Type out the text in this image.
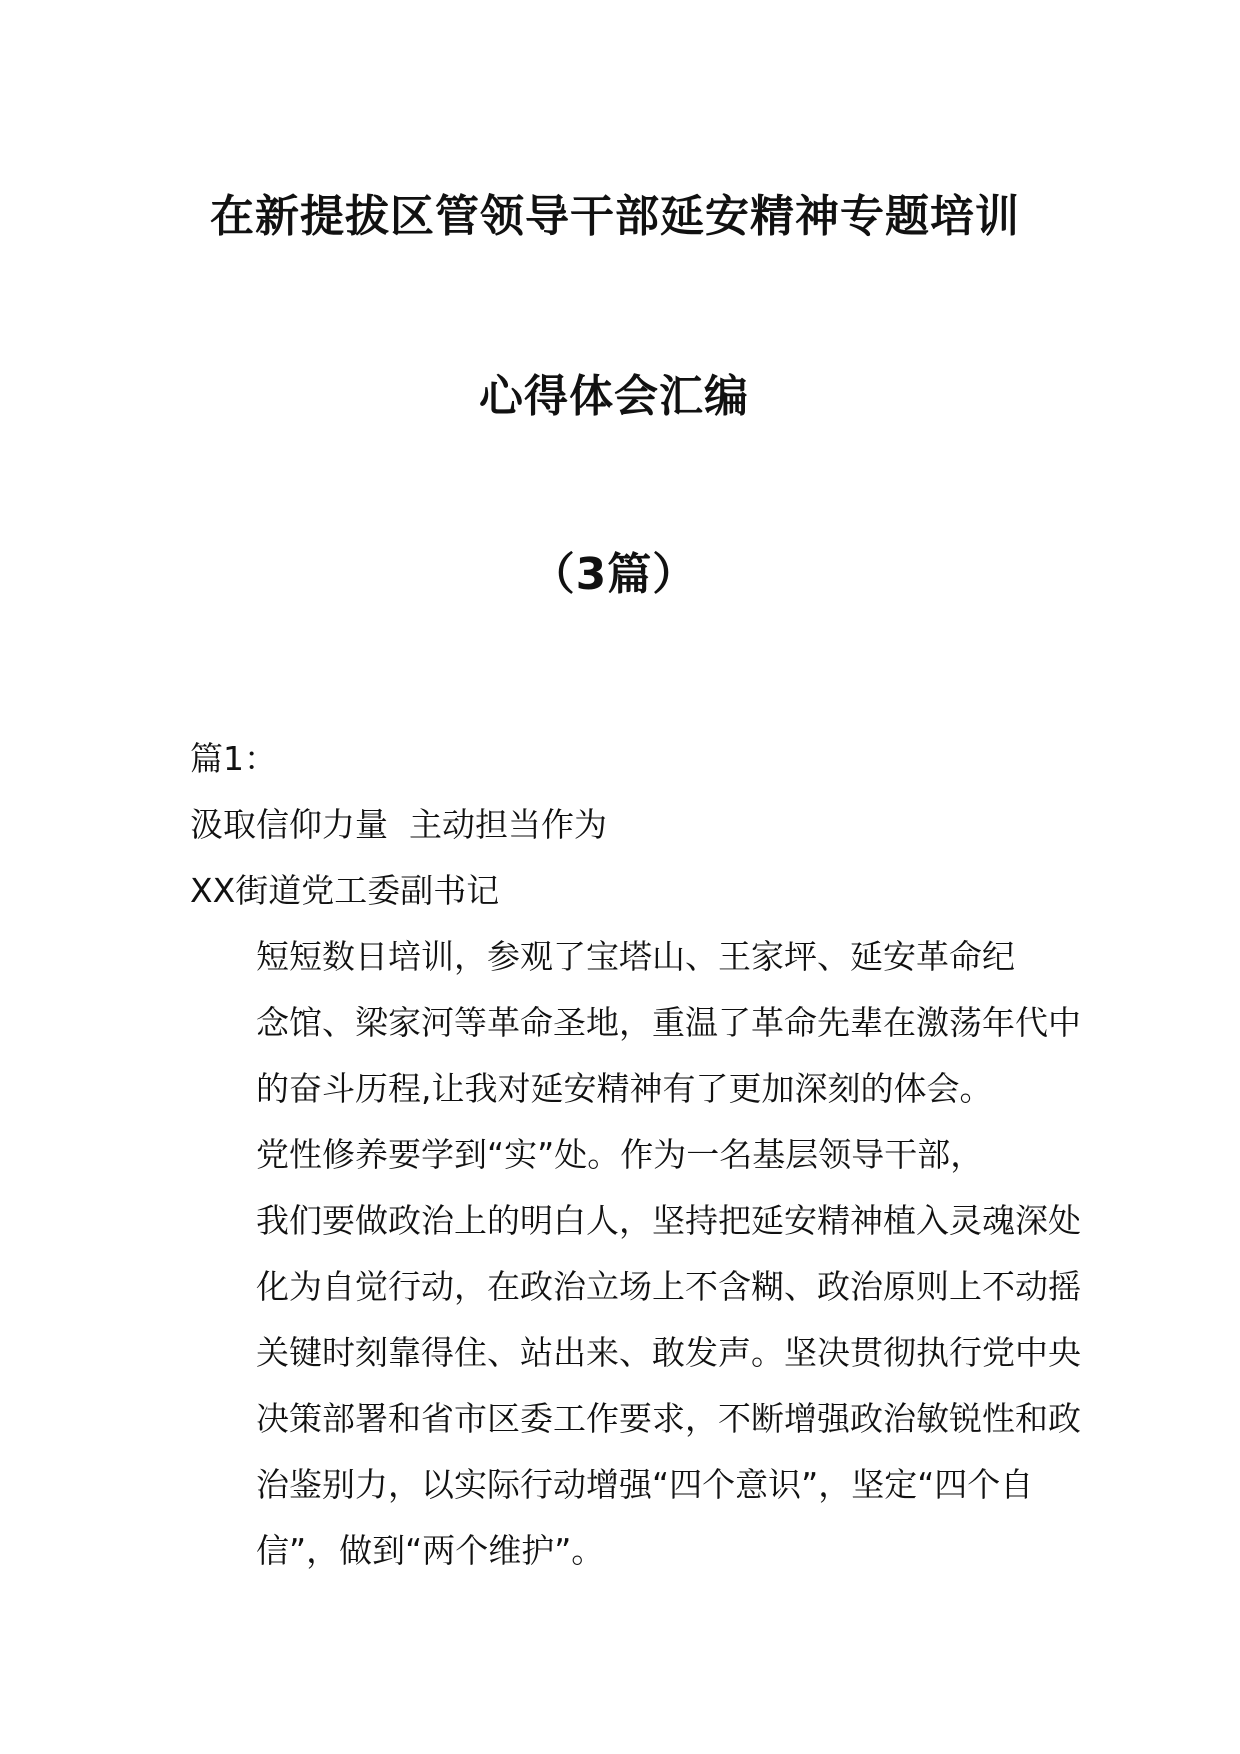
在新提拔区管领导干部延安精神专题培训
心得体会汇编
（3篇）
篇1：
汲取信仰力量  主动担当作为
XX街道党工委副书记
短短数日培训，参观了宝塔山、王家坪、延安革命纪
念馆、梁家河等革命圣地，重温了革命先辈在激荡年代中
的奋斗历程,让我对延安精神有了更加深刻的体会。
党性修养要学到“实”处。作为一名基层领导干部，
我们要做政治上的明白人，坚持把延安精神植入灵魂深处
化为自觉行动，在政治立场上不含糊、政治原则上不动摇
关键时刻靠得住、站出来、敢发声。坚决贯彻执行党中央
决策部署和省市区委工作要求，不断增强政治敏锐性和政
治鉴别力，以实际行动增强“四个意识”，坚定“四个自
信”，做到“两个维护”。
